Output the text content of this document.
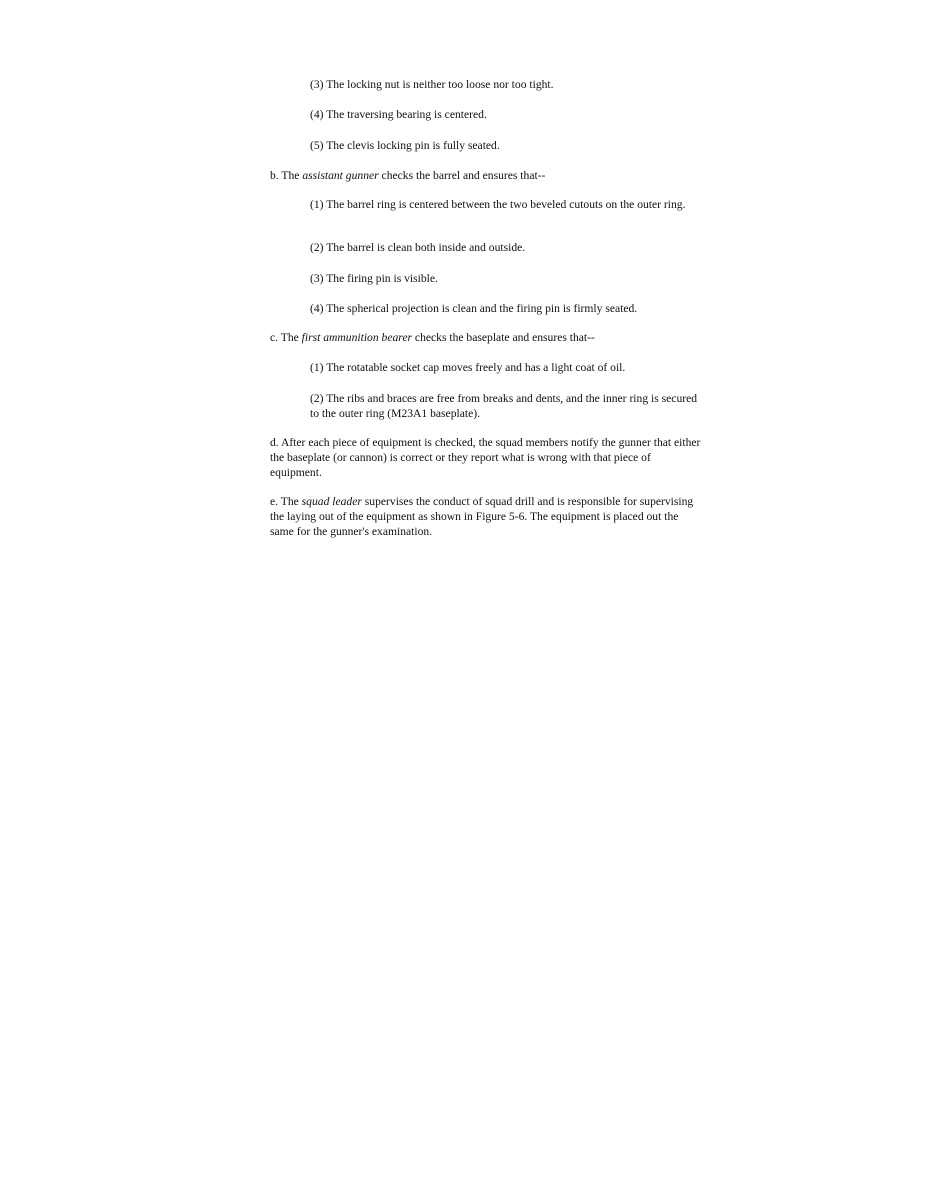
(3) The locking nut is neither too loose nor too tight.

(4) The traversing bearing is centered.

(5) The clevis locking pin is fully seated.

b. The assistant gunner checks the barrel and ensures that--

(1) The barrel ring is centered between the two beveled cutouts on the outer ring.

(2) The barrel is clean both inside and outside.

(3) The firing pin is visible.

(4) The spherical projection is clean and the firing pin is firmly seated.

c. The first ammunition bearer checks the baseplate and ensures that--

(1) The rotatable socket cap moves freely and has a light coat of oil.

(2) The ribs and braces are free from breaks and dents, and the inner ring is secured to the outer ring (M23A1 baseplate).

d. After each piece of equipment is checked, the squad members notify the gunner that either the baseplate (or cannon) is correct or they report what is wrong with that piece of equipment.

e. The squad leader supervises the conduct of squad drill and is responsible for supervising the laying out of the equipment as shown in Figure 5-6. The equipment is placed out the same for the gunner's examination.
